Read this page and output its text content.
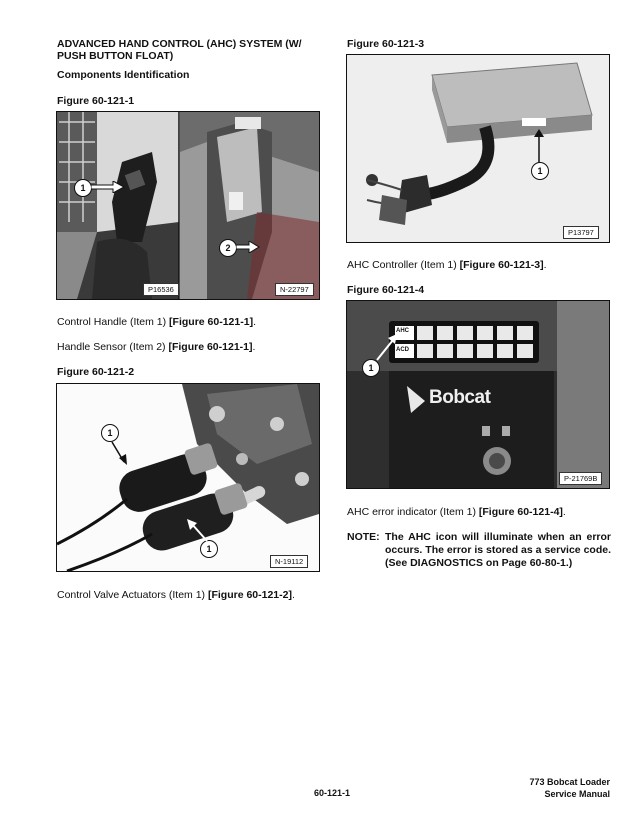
ADVANCED HAND CONTROL (AHC) SYSTEM (W/
PUSH BUTTON FLOAT)
Components Identification
Figure 60-121-1
1
2
P16536	N-22797
Control Handle (Item 1) [Figure 60-121-1].
Handle Sensor (Item 2) [Figure 60-121-1].
Figure 60-121-2
1
1
N-19112
Control Valve Actuators (Item 1) [Figure 60-121-2].
Figure 60-121-3
1
P13797
AHC Controller (Item 1) [Figure 60-121-3].
Figure 60-121-4
AHC
ACD
Bobcat
1
P-21769B
AHC error indicator (Item 1) [Figure 60-121-4].
NOTE: The AHC icon will illuminate when an error
occurs. The error is stored as a service code.
(See DIAGNOSTICS on Page 60-80-1.)
60-121-1
773 Bobcat Loader
Service Manual
